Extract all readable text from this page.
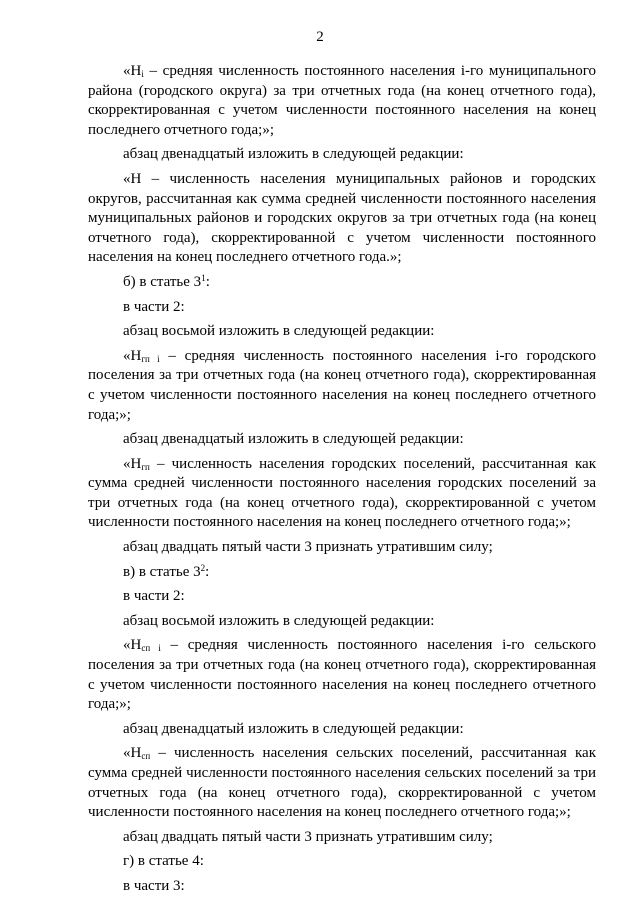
2

«$Н_i$ – средняя численность постоянного населения i-го муниципального района (городского округа) за три отчетных года (на конец отчетного года), скорректированная с учетом численности постоянного населения на конец последнего отчетного года;»;

абзац двенадцатый изложить в следующей редакции:

«Н – численность населения муниципальных районов и городских округов, рассчитанная как сумма средней численности постоянного населения муниципальных районов и городских округов за три отчетных года (на конец отчетного года), скорректированной с учетом численности постоянного населения на конец последнего отчетного года.»;

б) в статье $3^1$:

в части 2:

абзац восьмой изложить в следующей редакции:

«$Н_{гп i}$ – средняя численность постоянного населения i-го городского поселения за три отчетных года (на конец отчетного года), скорректированная с учетом численности постоянного населения на конец последнего отчетного года;»;

абзац двенадцатый изложить в следующей редакции:

«$Н_{гп}$ – численность населения городских поселений, рассчитанная как сумма средней численности постоянного населения городских поселений за три отчетных года (на конец отчетного года), скорректированной с учетом численности постоянного населения на конец последнего отчетного года;»;

абзац двадцать пятый части 3 признать утратившим силу;

в) в статье $3^2$:

в части 2:

абзац восьмой изложить в следующей редакции:

«$Н_{сп i}$ – средняя численность постоянного населения i-го сельского поселения за три отчетных года (на конец отчетного года), скорректированная с учетом численности постоянного населения на конец последнего отчетного года;»;

абзац двенадцатый изложить в следующей редакции:

«$Н_{сп}$ – численность населения сельских поселений, рассчитанная как сумма средней численности постоянного населения сельских поселений за три отчетных года (на конец отчетного года), скорректированной с учетом численности постоянного населения на конец последнего отчетного года;»;

абзац двадцать пятый части 3 признать утратившим силу;

г) в статье 4:

в части 3:
